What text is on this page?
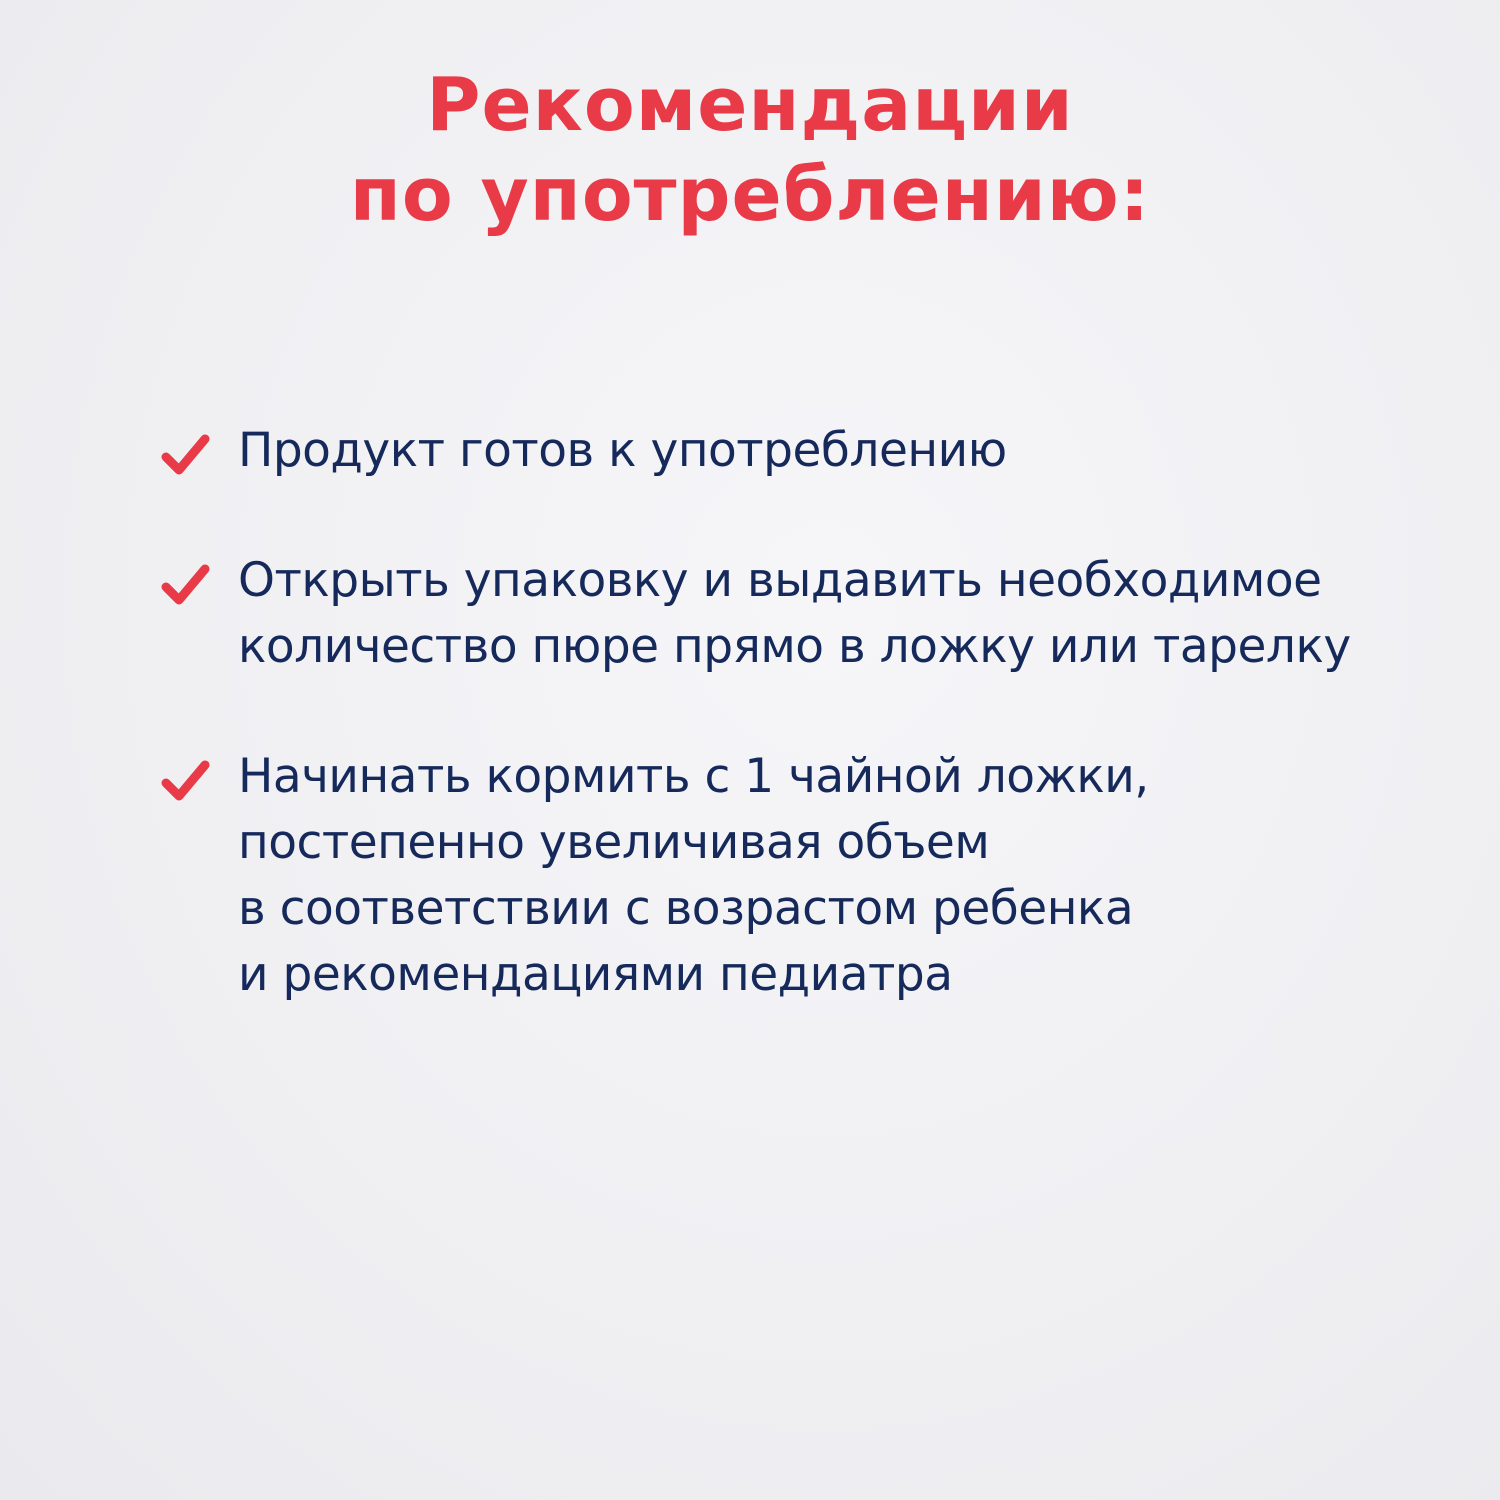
Рекомендации
по употреблению:
Продукт готов к употреблению
Открыть упаковку и выдавить необходимое
количество пюре прямо в ложку или тарелку
Начинать кормить с 1 чайной ложки,
постепенно увеличивая объем
в соответствии с возрастом ребенка
и рекомендациями педиатра
